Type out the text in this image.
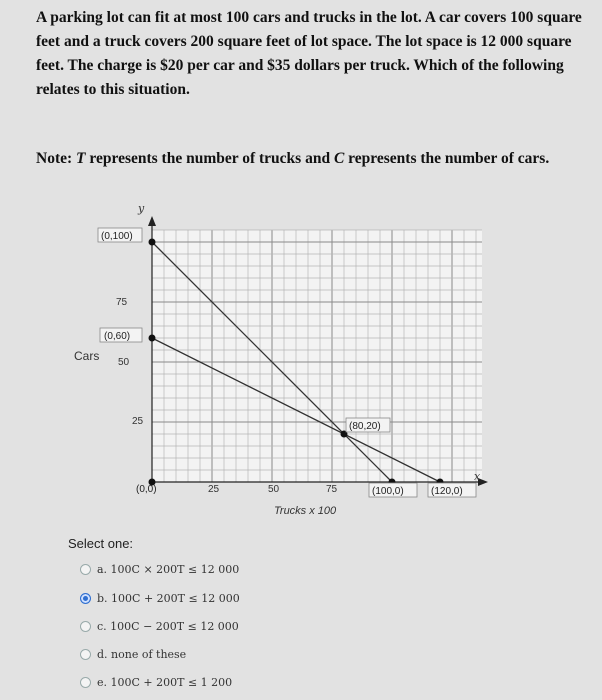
A parking lot can fit at most 100 cars and trucks in the lot. A car covers 100 square feet and a truck covers 200 square feet of lot space. The lot space is 12 000 square feet. The charge is $20 per car and $35 dollars per truck. Which of the following relates to this situation.
Note: T represents the number of trucks and C represents the number of cars.
y
x
Cars
Trucks x 100
75
50
25
25	50	75
(0,100)
(0,60)
(0,0)
(80,20)
(100,0)	(120,0)
Select one:
a. 100C × 200T ≤ 12 000
b. 100C + 200T ≤ 12 000
c. 100C − 200T ≤ 12 000
d. none of these
e. 100C + 200T ≤ 1 200
